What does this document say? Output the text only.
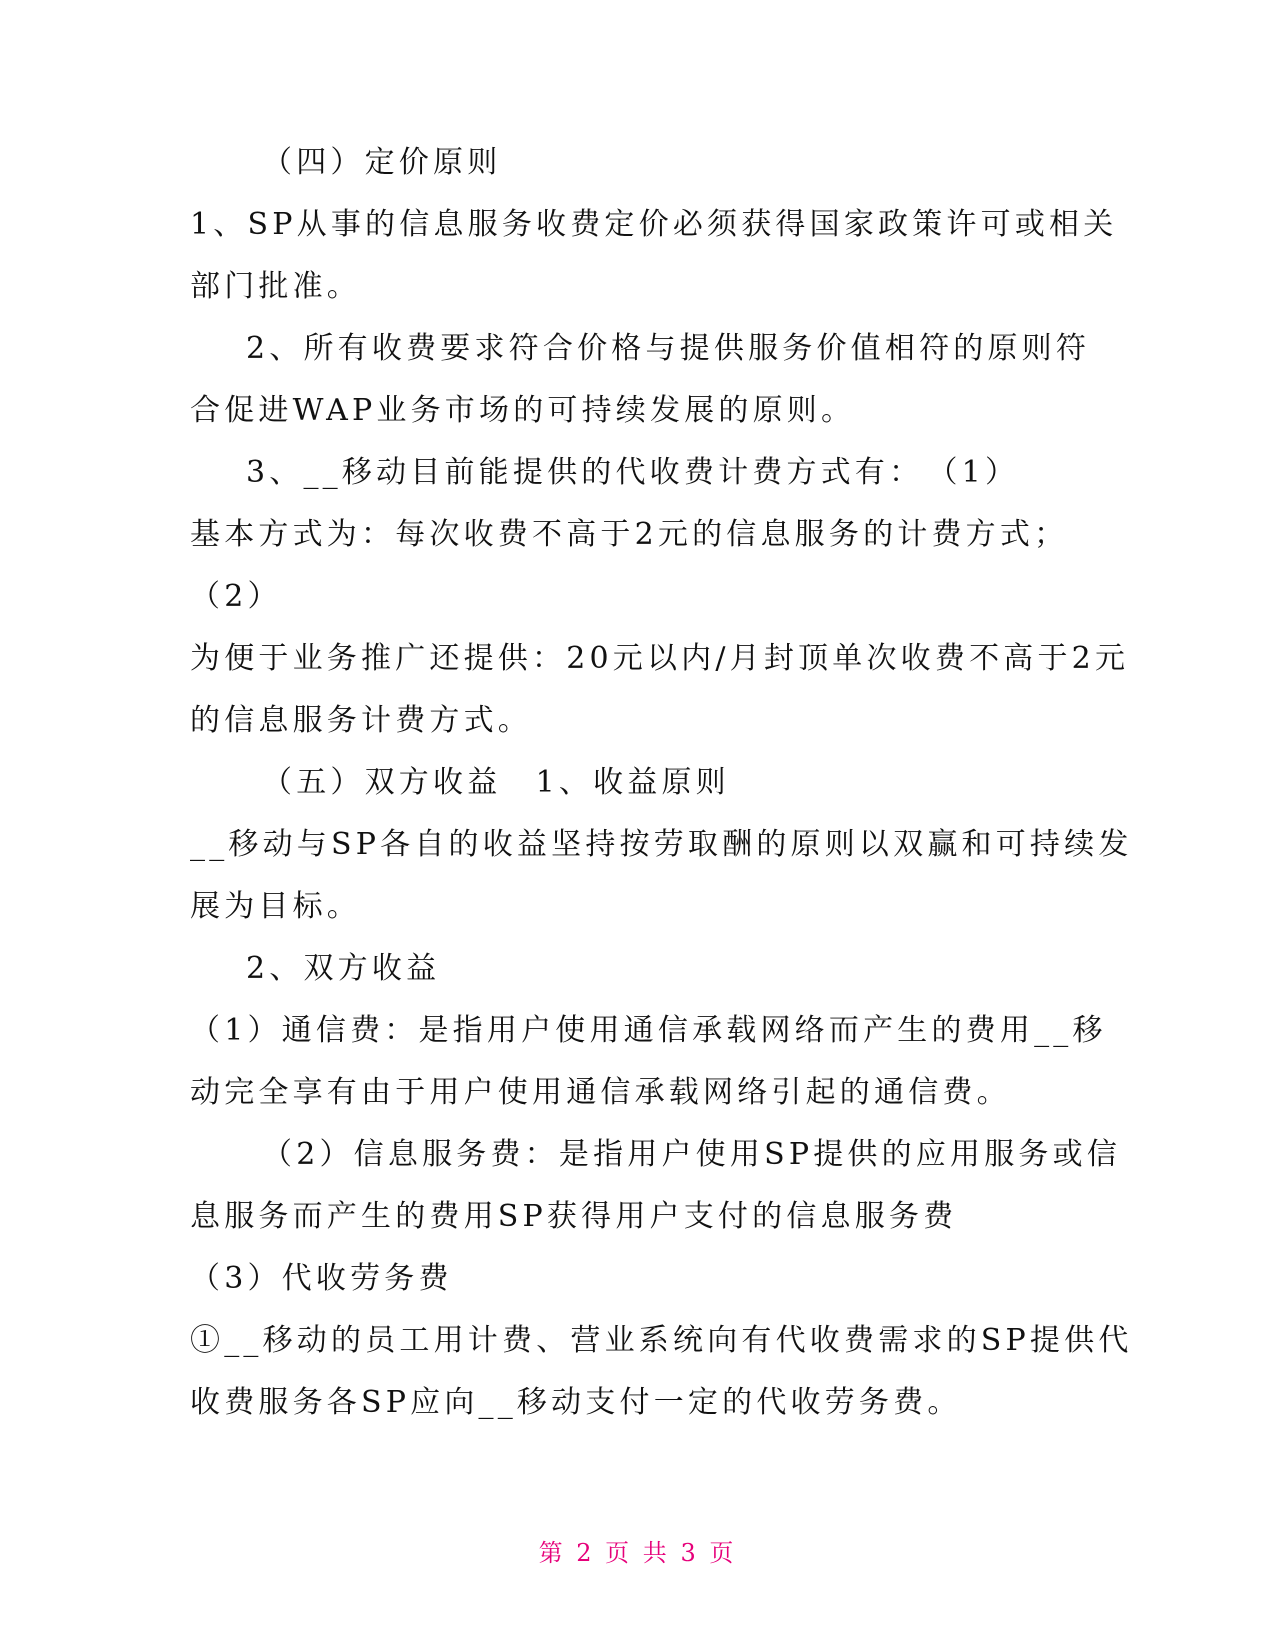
（四）定价原则
1、SP从事的信息服务收费定价必须获得国家政策许可或相关
部门批准。
2、所有收费要求符合价格与提供服务价值相符的原则符
合促进WAP业务市场的可持续发展的原则。
3、__移动目前能提供的代收费计费方式有：　（1）
基本方式为：每次收费不高于2元的信息服务的计费方式；
（2）
为便于业务推广还提供：20元以内/月封顶单次收费不高于2元
的信息服务计费方式。
（五）双方收益　1、收益原则
__移动与SP各自的收益坚持按劳取酬的原则以双赢和可持续发
展为目标。
2、双方收益
（1）通信费：是指用户使用通信承载网络而产生的费用__移
动完全享有由于用户使用通信承载网络引起的通信费。
（2）信息服务费：是指用户使用SP提供的应用服务或信
息服务而产生的费用SP获得用户支付的信息服务费
（3）代收劳务费
①__移动的员工用计费、营业系统向有代收费需求的SP提供代
收费服务各SP应向__移动支付一定的代收劳务费。
第 2 页 共 3 页
